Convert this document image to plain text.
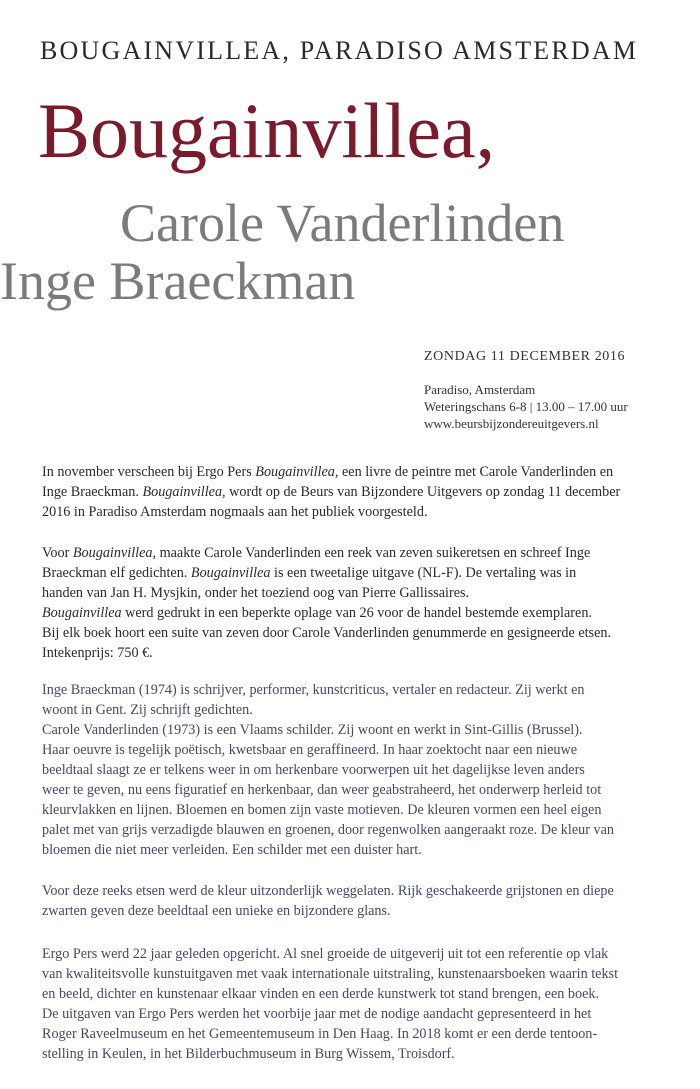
BOUGAINVILLEA, PARADISO AMSTERDAM
Bougainvillea,
Carole Vanderlinden
Inge Braeckman
ZONDAG 11 DECEMBER 2016
Paradiso, Amsterdam
Weteringschans 6-8 | 13.00 – 17.00 uur
www.beursbijzondereuitgevers.nl
In november verscheen bij Ergo Pers Bougainvillea, een livre de peintre met Carole Vanderlinden en
Inge Braeckman. Bougainvillea, wordt op de Beurs van Bijzondere Uitgevers op zondag 11 december
2016 in Paradiso Amsterdam nogmaals aan het publiek voorgesteld.
Voor Bougainvillea, maakte Carole Vanderlinden een reek van zeven suikeretsen en schreef Inge
Braeckman elf gedichten. Bougainvillea is een tweetalige uitgave (NL-F). De vertaling was in
handen van Jan H. Mysjkin, onder het toeziend oog van Pierre Gallissaires.
Bougainvillea werd gedrukt in een beperkte oplage van 26 voor de handel bestemde exemplaren.
Bij elk boek hoort een suite van zeven door Carole Vanderlinden genummerde en gesigneerde etsen.
Intekenprijs: 750 €.
Inge Braeckman (1974) is schrijver, performer, kunstcriticus, vertaler en redacteur. Zij werkt en
woont in Gent. Zij schrijft gedichten.
Carole Vanderlinden (1973) is een Vlaams schilder. Zij woont en werkt in Sint-Gillis (Brussel).
Haar oeuvre is tegelijk poëtisch, kwetsbaar en geraffineerd. In haar zoektocht naar een nieuwe
beeldtaal slaagt ze er telkens weer in om herkenbare voorwerpen uit het dagelijkse leven anders
weer te geven, nu eens figuratief en herkenbaar, dan weer geabstraheerd, het onderwerp herleid tot
kleurvlakken en lijnen. Bloemen en bomen zijn vaste motieven. De kleuren vormen een heel eigen
palet met van grijs verzadigde blauwen en groenen, door regenwolken aangeraakt roze. De kleur van
bloemen die niet meer verleiden. Een schilder met een duister hart.
Voor deze reeks etsen werd de kleur uitzonderlijk weggelaten. Rijk geschakeerde grijstonen en diepe
zwarten geven deze beeldtaal een unieke en bijzondere glans.
Ergo Pers werd 22 jaar geleden opgericht. Al snel groeide de uitgeverij uit tot een referentie op vlak
van kwaliteitsvolle kunstuitgaven met vaak internationale uitstraling, kunstenaarsboeken waarin tekst
en beeld, dichter en kunstenaar elkaar vinden en een derde kunstwerk tot stand brengen, een boek.
De uitgaven van Ergo Pers werden het voorbije jaar met de nodige aandacht gepresenteerd in het
Roger Raveelmuseum en het Gemeentemuseum in Den Haag. In 2018 komt er een derde tentoon-
stelling in Keulen, in het Bilderbuchmuseum in Burg Wissem, Troisdorf.
